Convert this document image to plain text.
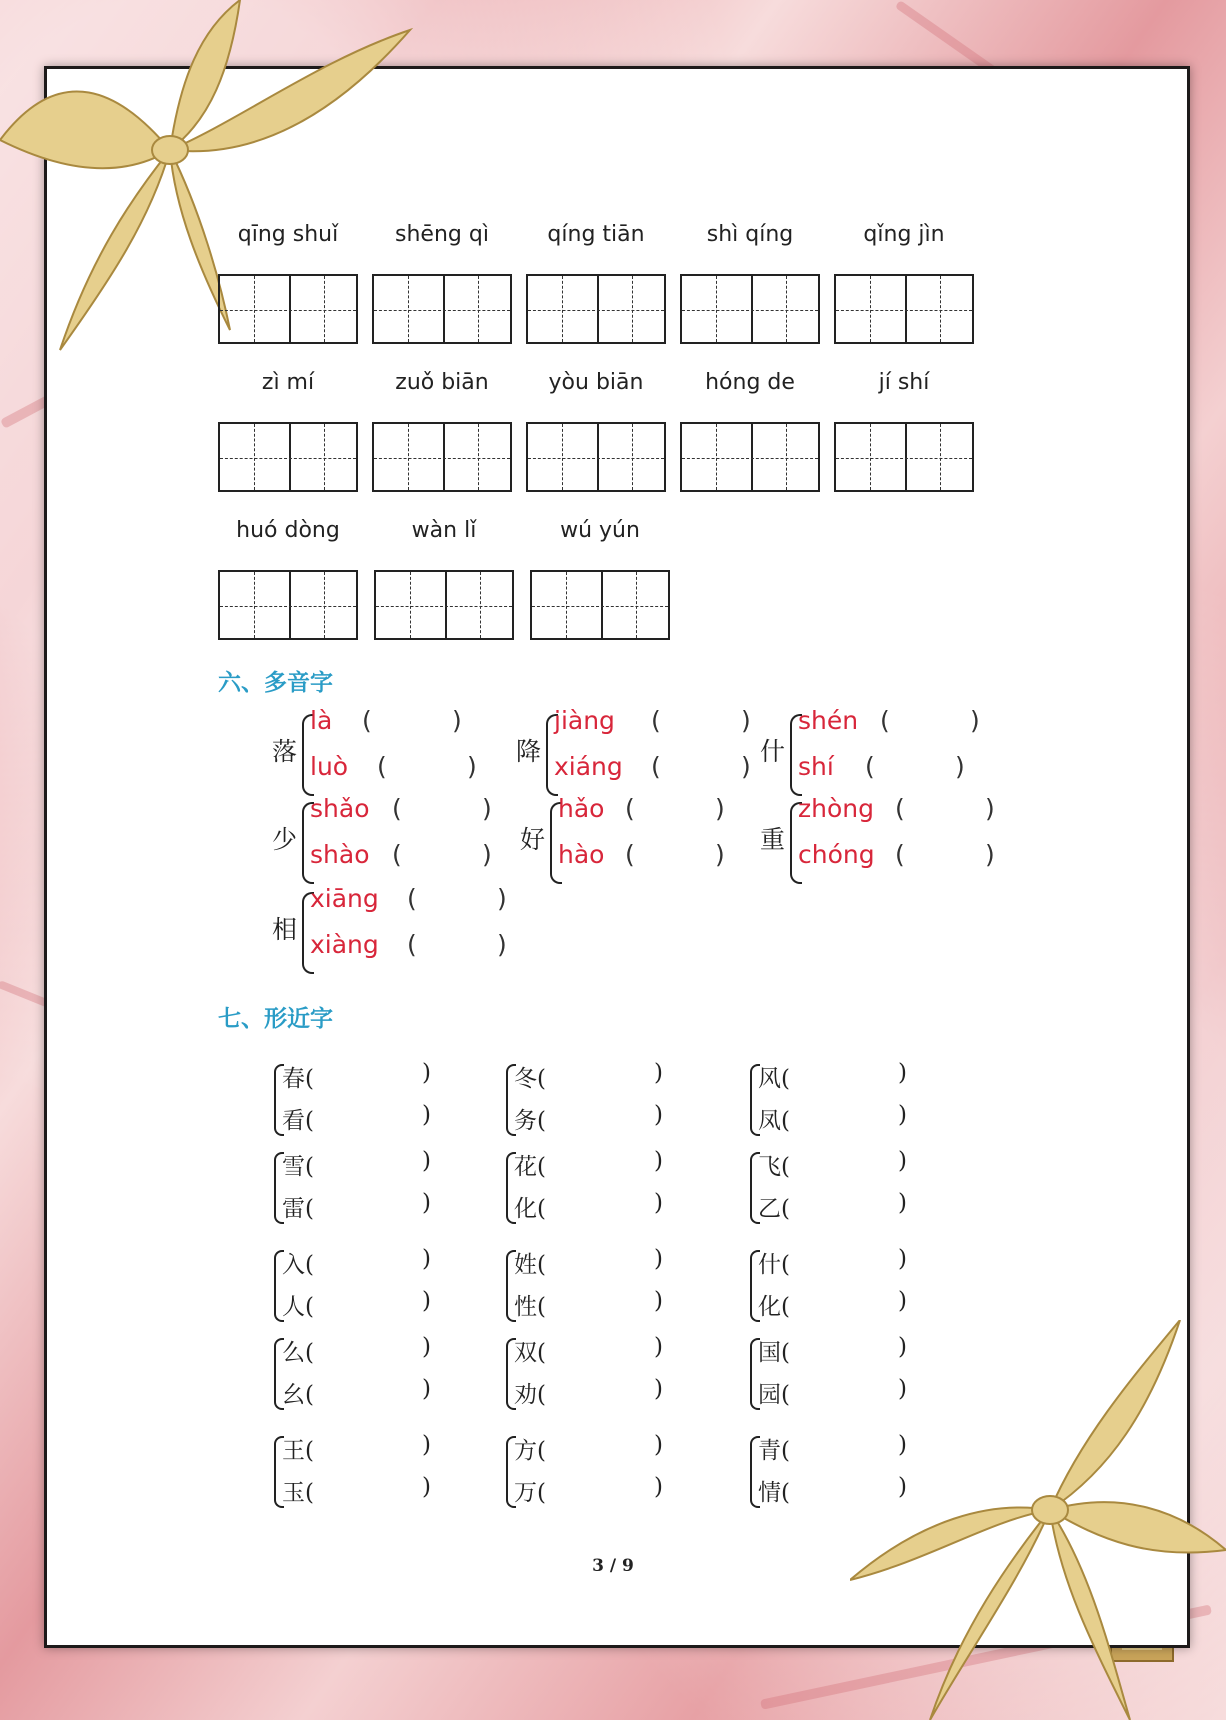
qīng shuǐ	shēng qì	qíng tiān	shì qíng	qǐng jìn
zì mí	zuǒ biān	yòu biān	hóng de	jí shí
huó dòng	wàn lǐ	wú yún
六、多音字
落
là (	)
luò (	)
降
jiàng (	)
xiáng (	)
什
shén (	)
shí (	)
少
shǎo (	)
shào (	)
好
hǎo (	)
hào (	)
重
zhòng (	)
chóng (	)
相
xiāng (	)
xiàng (	)
七、形近字
春(	)
看(	)
冬(	)
务(	)
风(	)
凤(	)
雪(	)
雷(	)
花(	)
化(	)
飞(	)
乙(	)
入(	)
人(	)
姓(	)
性(	)
什(	)
化(	)
么(	)
幺(	)
双(	)
劝(	)
国(	)
园(	)
王(	)
玉(	)
方(	)
万(	)
青(	)
情(	)
3 / 9
